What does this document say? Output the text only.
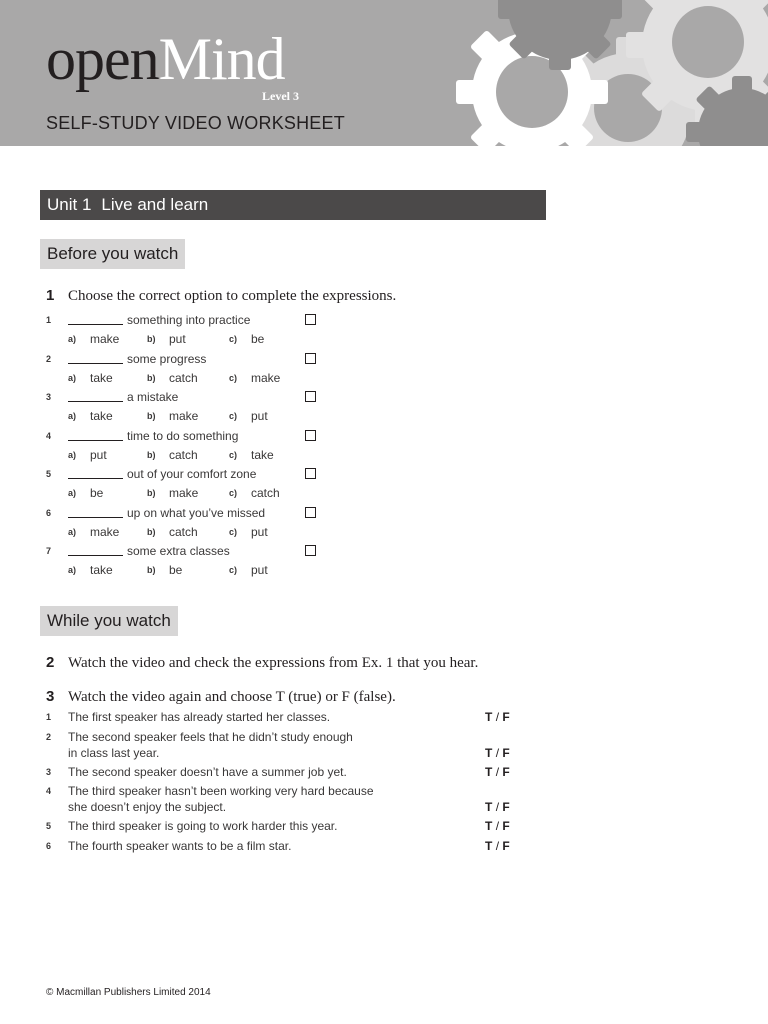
openMind
Level 3
SELF-STUDY VIDEO WORKSHEET
Unit 1 Live and learn
Before you watch
1 Choose the correct option to complete the expressions.
1	something into practice
a) make	b) put	c) be
2	some progress
a) take	b) catch	c) make
3	a mistake
a) take	b) make	c) put
4	time to do something
a) put	b) catch	c) take
5	out of your comfort zone
a) be	b) make	c) catch
6	up on what you’ve missed
a) make	b) catch	c) put
7	some extra classes
a) take	b) be	c) put
While you watch
2 Watch the video and check the expressions from Ex. 1 that you hear.
3 Watch the video again and choose T (true) or F (false).
1 The first speaker has already started her classes.	T / F
2 The second speaker feels that he didn’t study enough
in class last year.	T / F
3 The second speaker doesn’t have a summer job yet.	T / F
4 The third speaker hasn’t been working very hard because
she doesn’t enjoy the subject.	T / F
5 The third speaker is going to work harder this year.	T / F
6 The fourth speaker wants to be a film star.	T / F
© Macmillan Publishers Limited 2014
